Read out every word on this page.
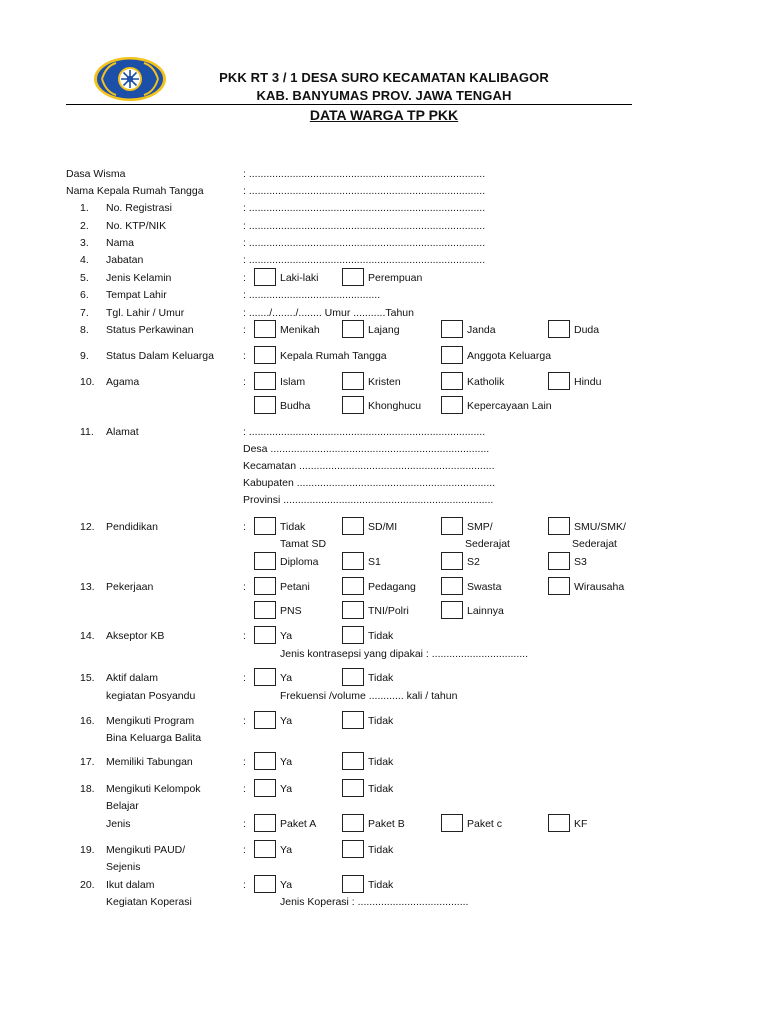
PKK RT 3 / 1 DESA SURO KECAMATAN KALIBAGOR
KAB. BANYUMAS PROV. JAWA TENGAH
DATA WARGA TP PKK
Dasa Wisma	: .................................................................................
Nama Kepala Rumah Tangga	: .................................................................................
1. No. Registrasi	: .................................................................................
2. No. KTP/NIK	: .................................................................................
3. Nama	: .................................................................................
4. Jabatan	: .................................................................................
5. Jenis Kelamin	:	Laki-laki	Perempuan
6. Tempat Lahir	: .............................................
7. Tgl. Lahir / Umur	: ......./......../........ Umur ...........Tahun
8. Status Perkawinan	:	Menikah	Lajang	Janda	Duda
9. Status Dalam Keluarga	:	Kepala Rumah Tangga	Anggota Keluarga
10. Agama	:	Islam	Kristen	Katholik	Hindu
Budha	Khonghucu	Kepercayaan Lain
11. Alamat	: .................................................................................
Desa ...........................................................................
Kecamatan ...................................................................
Kabupaten ....................................................................
Provinsi ........................................................................
12. Pendidikan	:	Tidak	SD/MI	SMP/	SMU/SMK/
Tamat SD	Sederajat	Sederajat
Diploma	S1	S2	S3
13. Pekerjaan	:	Petani	Pedagang	Swasta	Wirausaha
PNS	TNI/Polri	Lainnya
14. Akseptor KB	:	Ya	Tidak
Jenis kontrasepsi yang dipakai : .................................
15. Aktif dalam
kegiatan Posyandu
:	Ya	Tidak
Frekuensi /volume ............ kali / tahun
16. Mengikuti Program
Bina Keluarga Balita
:	Ya	Tidak
17. Memiliki Tabungan	:	Ya	Tidak
18. Mengikuti Kelompok
Belajar
:	Ya	Tidak
Jenis	:	Paket A	Paket B	Paket c	KF
19. Mengikuti PAUD/
Sejenis
:	Ya	Tidak
20. Ikut dalam
Kegiatan Koperasi
:	Ya	Tidak
Jenis Koperasi : ......................................
